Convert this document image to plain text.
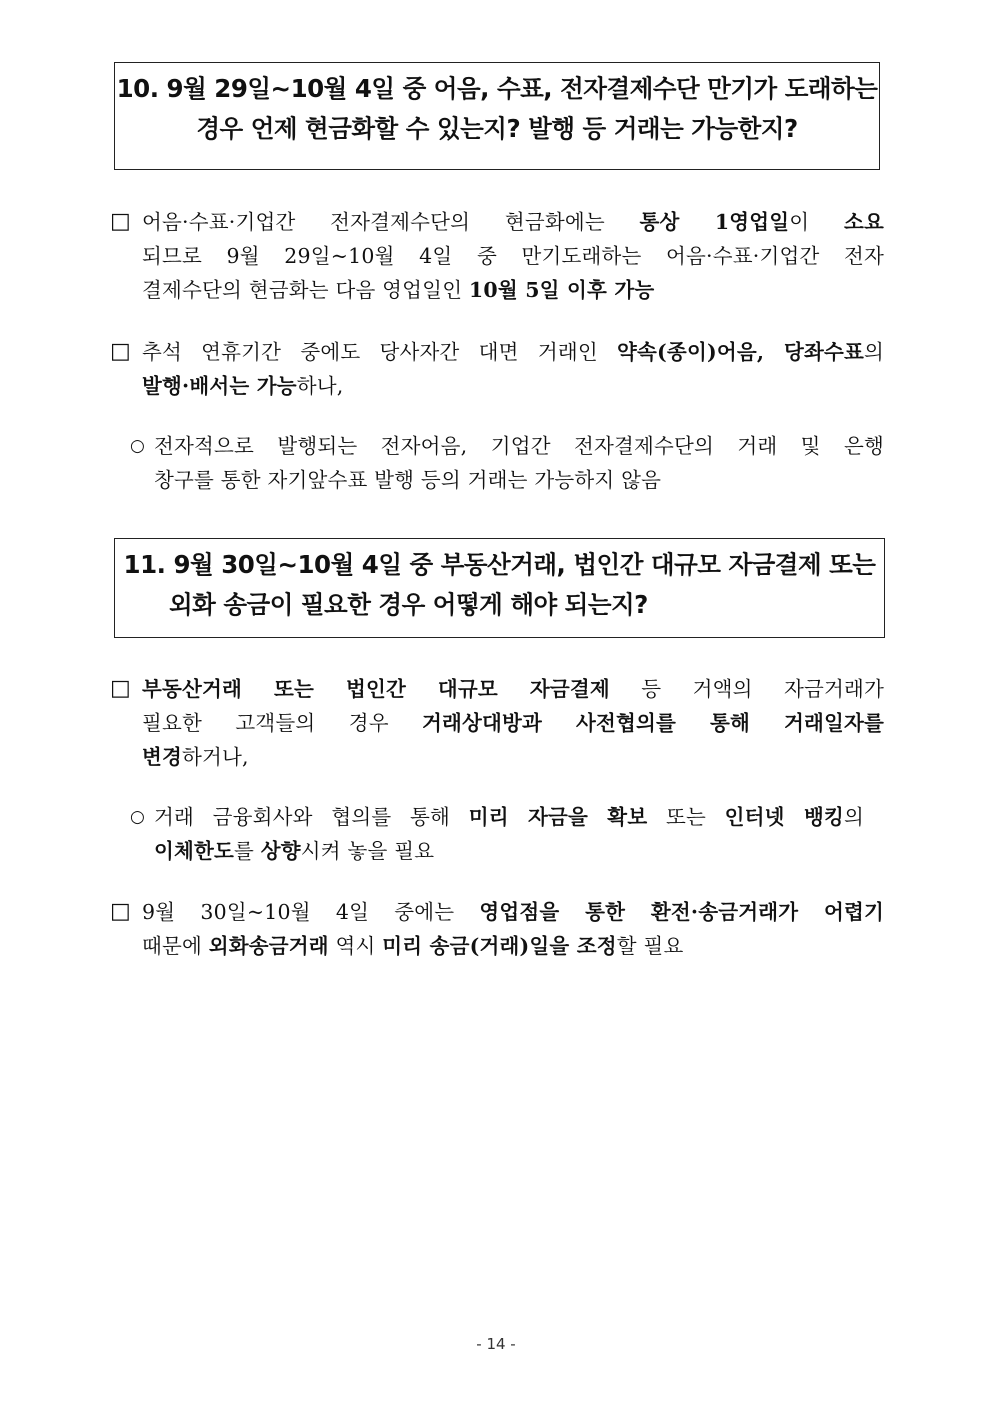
10. 9월 29일~10월 4일 중 어음, 수표, 전자결제수단 만기가 도래하는
경우 언제 현금화할 수 있는지? 발행 등 거래는 가능한지?
□ 어음·수표·기업간 전자결제수단의 현금화에는 통상 1영업일이 소요
되므로 9월 29일~10월 4일 중 만기도래하는 어음·수표·기업간 전자
결제수단의 현금화는 다음 영업일인 10월 5일 이후 가능
□ 추석 연휴기간 중에도 당사자간 대면 거래인 약속(종이)어음, 당좌수표의
발행·배서는 가능하나,
○ 전자적으로 발행되는 전자어음, 기업간 전자결제수단의 거래 및 은행
창구를 통한 자기앞수표 발행 등의 거래는 가능하지 않음
11. 9월 30일~10월 4일 중 부동산거래, 법인간 대규모 자금결제 또는
외화 송금이 필요한 경우 어떻게 해야 되는지?
□ 부동산거래 또는 법인간 대규모 자금결제 등 거액의 자금거래가
필요한 고객들의 경우 거래상대방과 사전협의를 통해 거래일자를
변경하거나,
○ 거래 금융회사와 협의를 통해 미리 자금을 확보 또는 인터넷 뱅킹의
이체한도를 상향시켜 놓을 필요
□ 9월 30일~10월 4일 중에는 영업점을 통한 환전·송금거래가 어렵기
때문에 외화송금거래 역시 미리 송금(거래)일을 조정할 필요
- 14 -
